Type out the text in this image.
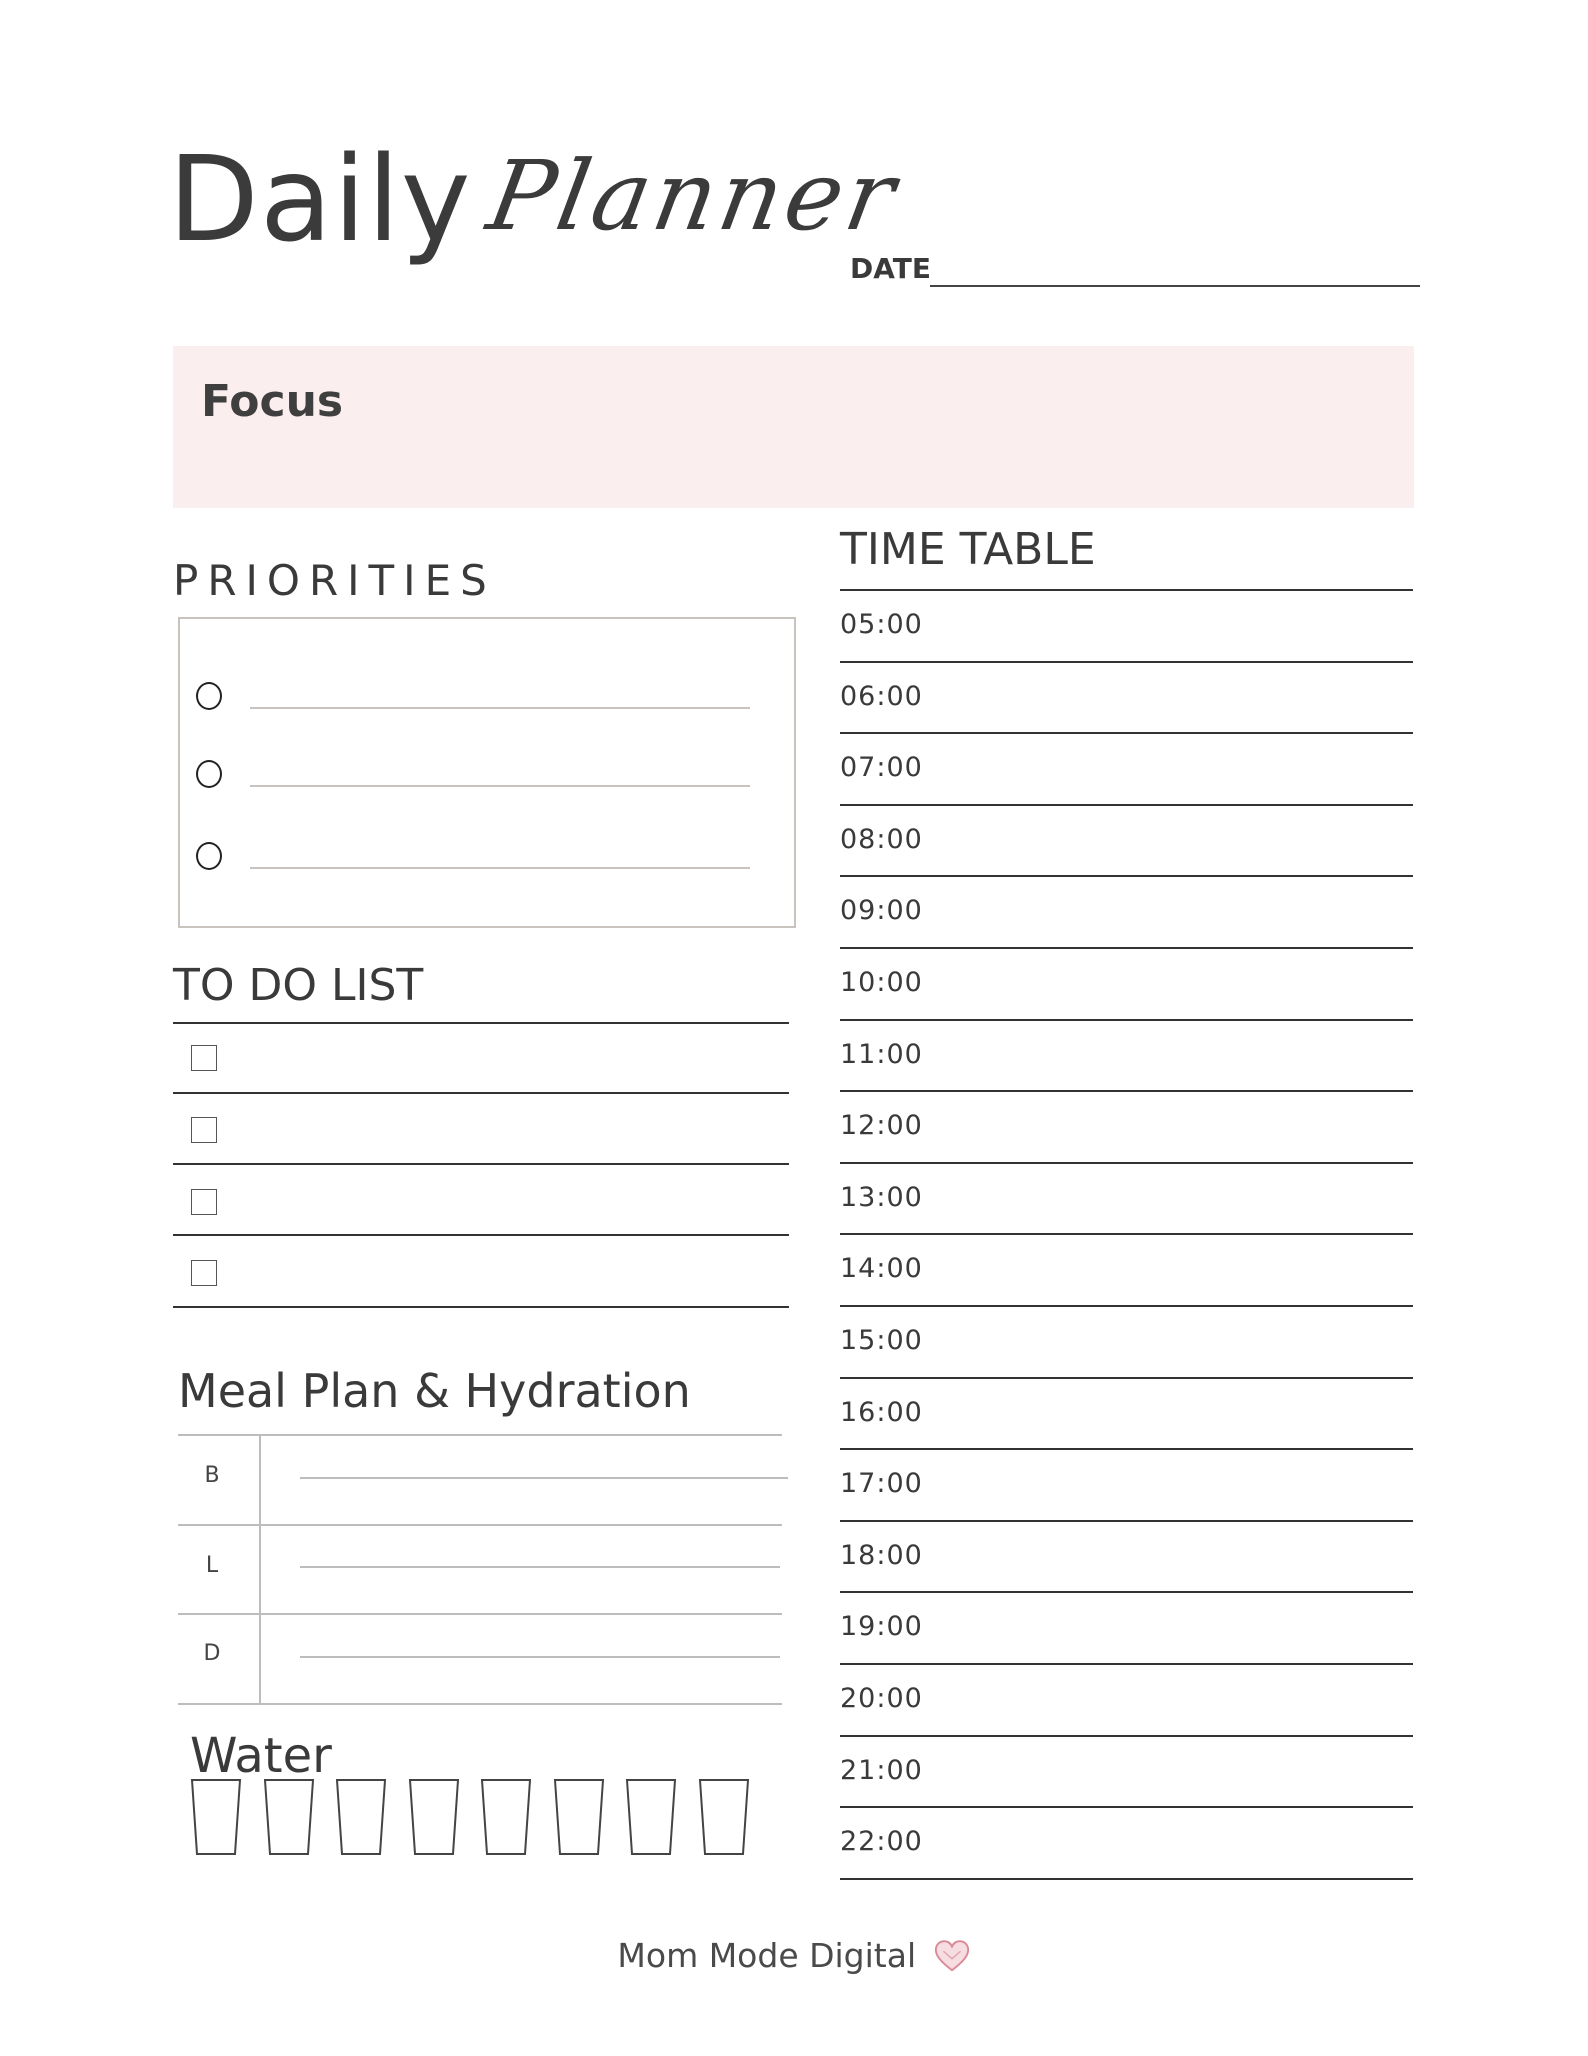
Daily Planner
DATE
Focus
PRIORITIES
TO DO LIST
Meal Plan & Hydration
B
L
D
Water
TIME TABLE
05:00
06:00
07:00
08:00
09:00
10:00
11:00
12:00
13:00
14:00
15:00
16:00
17:00
18:00
19:00
20:00
21:00
22:00
Mom Mode Digital
